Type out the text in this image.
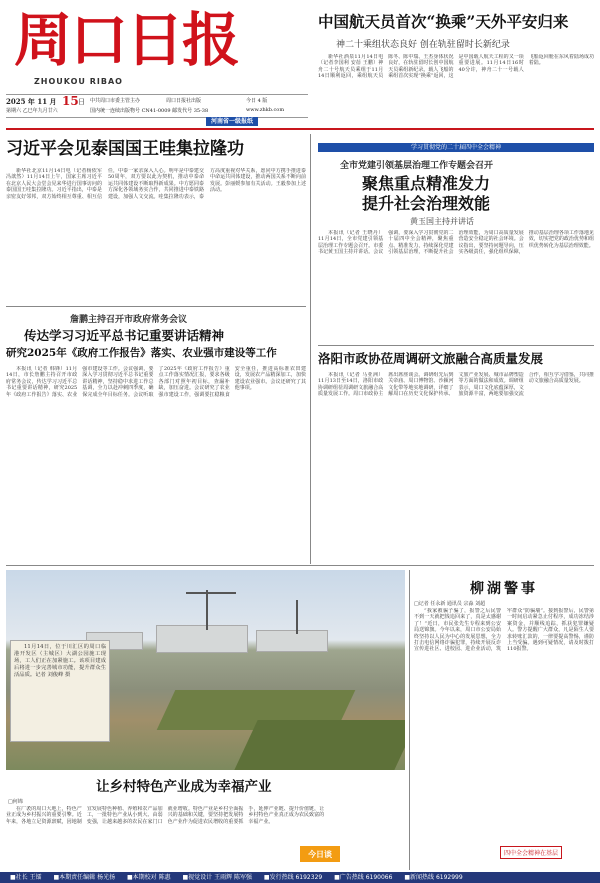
周口日报
ZHOUKOU RIBAO
2025 年 11 月 15 日 中共周口市委主管主办	周口日报社出版	今日 4 版
第期六 乙巳年九月廿六	国内统一连续出版物号 CN41-0009 邮发代号 35-38	www.zhkb.com
河南省一级报纸
中国航天员首次“换乘”天外平安归来
神二十乘组状态良好 创在轨驻留时长新纪录

新华社酒泉11月14日电（记者李国利 安蓓 王鹏）神舟二十号航天员乘组于11月14日顺利返回，乘组航天员陈冬、陈中瑞、王杰身体状况良好，在轨驻留时长创中国航天员乘组新纪录。载人飞船的乘组首次实现“换乘”返回，这是中国载人航天工程的又一项重要进展。11月14日16时40分许，神舟二十一号载人飞船返回舱在东风着陆场成功着陆。

习近平会见泰国国王哇集拉隆功

新华社北京11月14日电（记者杨依军 冯歆然）11月14日上午，国家主席习近平在北京人民大会堂会见来华进行国事访问的泰国国王哇集拉隆功。习近平指出，中泰是亲密友好邻邦，双方始终相互尊重、相互信任，中泰一家亲深入人心。明年是中泰建交50周年，双方要以此为契机，推动中泰命运共同体建设不断取得新成果。中方愿同泰方深化各领域务实合作，共同推进中泰铁路建设，加强人文交流。哇集拉隆功表示，泰方高度重视对华关系，愿同中方携手推进泰中命运共同体建设，推动两国关系不断向前发展。彭丽媛参加有关活动。王毅参加上述活动。

学习贯彻党的二十届四中全会精神
全市党建引领基层治理工作专题会召开
聚焦重点精准发力
提升社会治理效能
黄玉国主持并讲话

本报讯（记者 王晓丹）11月14日，全市党建引领基层治理工作专题会召开。市委书记黄玉国主持并讲话。会议强调，要深入学习贯彻党的二十届四中全会精神，聚焦重点、精准发力，持续深化党建引领基层治理，不断提升社会治理效能，为周口高质量发展营造安全稳定的社会环境。会议指出，要坚持问题导向，压实各级责任，强化组织保障，推动基层治理各项工作落地见效，切实把党的政治优势和组织优势转化为基层治理效能。

詹鹏主持召开市政府常务会议
传达学习习近平总书记重要讲话精神
研究2025年《政府工作报告》落实、农业强市建设等工作

本报讯（记者 韩锋）11月14日，市长詹鹏主持召开市政府常务会议，传达学习习近平总书记重要讲话精神，研究2025年《政府工作报告》落实、农业强市建设等工作。会议强调，要深入学习贯彻习近平总书记重要讲话精神，坚持稳中求进工作总基调，全力以赴冲刺四季度，确保完成全年目标任务。会议听取了2025年《政府工作报告》重点工作落实情况汇报，要求各级各部门对照年初目标，查漏补缺，加压奋进。会议研究了农业强市建设工作，强调要扛稳粮食安全重任，推进高标准农田建设，发展农产品精深加工，加快建设农业强市。会议还研究了其他事项。

洛阳市政协莅周调研文旅融合高质量发展

本报讯（记者 马亚洲）11月13日至14日，洛阳市政协调研组莅周调研文旅融合高质量发展工作。周口市政协主席出席座谈会。调研组先后到关帝庙、周口博物馆、沙颍河文化带等地实地调研，详细了解周口在历史文化保护传承、文旅产业发展、城市品牌塑造等方面的做法和成效。调研组表示，周口文化底蕴深厚，文旅资源丰富，两地要加强交流合作，相互学习借鉴，共同推动文旅融合高质量发展。

11月14日，位于川汇区的周口临港开发区（主城区）大湖公园施工现场，工人们正在加紧施工。该项目建成后将进一步完善城市功能，提升群众生活品质。记者 刘俊峰 摄

让乡村特色产业成为幸福产业
□何锦

在广袤的周口大地上，特色产业正成为乡村振兴的重要引擎。近年来，各地立足资源禀赋，因地制宜发展特色种植、养殖和农产品加工，一批特色产业从小到大、由弱变强，让越来越多的农民在家门口就业增收。特色产业是乡村全面振兴的基础和关键，要坚持把发展特色产业作为促进农民增收的重要抓手，延伸产业链、提升价值链，让乡村特色产业真正成为农民致富的幸福产业。

柳湖警事
□记者 任永新 通讯员 宗淼 刘超

“我家被骗子骗了，报警之后民警不到一天就把钱追回来了，真是太感谢了！”近日，市民张先生专程来到公安局送锦旗。今年以来，周口市公安局始终坚持以人民为中心的发展思想，全力打击电信网络诈骗犯罪，持续开展反诈宣传进社区、进校园、进企业活动，筑牢群众“防骗墙”。接到报警后，民警第一时间启动紧急止付程序，成功冻结涉案资金，并顺线追踪，抓获犯罪嫌疑人。警方提醒广大群众，凡是陌生人要求转账汇款的，一律要提高警惕，谨防上当受骗。遇到可疑情况，请及时拨打110报警。

今日谈	四中全会精神在基层
■社长 王镭 ■本期责任编辑 杨光扬 ■本期校对 陈惠 ■视觉设计 王雨辉 陈军强 ■发行热线 6192329 ■广告热线 6190066 ■新闻热线 6192999
